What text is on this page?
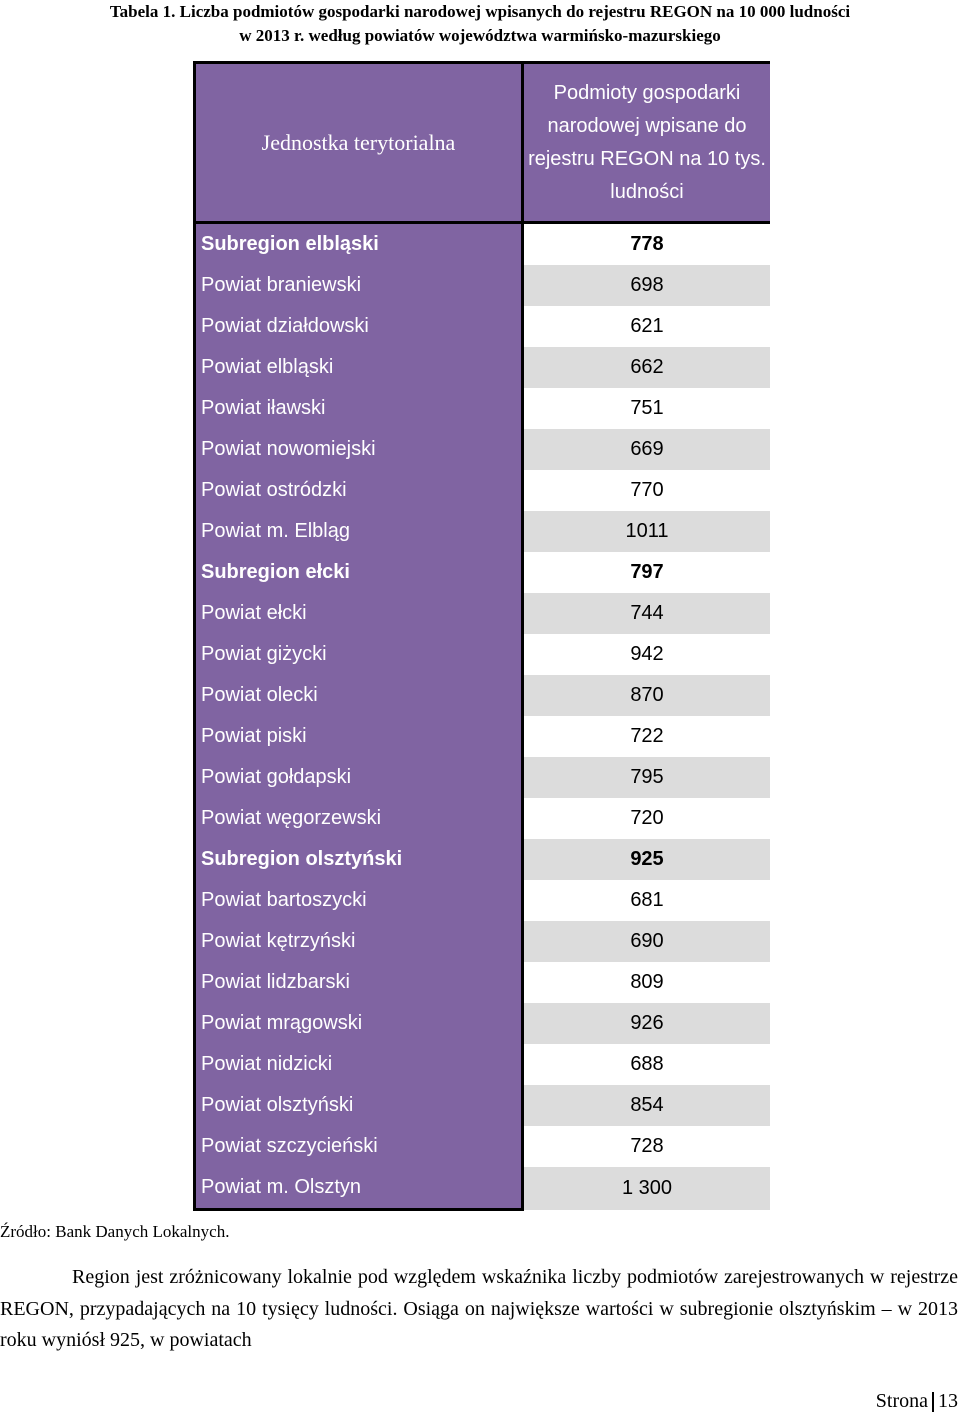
Tabela 1. Liczba podmiotów gospodarki narodowej wpisanych do rejestru REGON na 10 000 ludności
w 2013 r. według powiatów województwa warmińsko-mazurskiego
Jednostka terytorialna	Podmioty gospodarki narodowej wpisane do rejestru REGON na 10 tys. ludności
Subregion elbląski	778
Powiat braniewski	698
Powiat działdowski	621
Powiat elbląski	662
Powiat iławski	751
Powiat nowomiejski	669
Powiat ostródzki	770
Powiat m. Elbląg	1011
Subregion ełcki	797
Powiat ełcki	744
Powiat giżycki	942
Powiat olecki	870
Powiat piski	722
Powiat gołdapski	795
Powiat węgorzewski	720
Subregion olsztyński	925
Powiat bartoszycki	681
Powiat kętrzyński	690
Powiat lidzbarski	809
Powiat mrągowski	926
Powiat nidzicki	688
Powiat olsztyński	854
Powiat szczycieński	728
Powiat m. Olsztyn	1 300
Źródło: Bank Danych Lokalnych.
Region jest zróżnicowany lokalnie pod względem wskaźnika liczby podmiotów zarejestrowanych w rejestrze REGON, przypadających na 10 tysięcy ludności. Osiąga on największe wartości w subregionie olsztyńskim – w 2013 roku wyniósł 925, w powiatach
Strona 13
